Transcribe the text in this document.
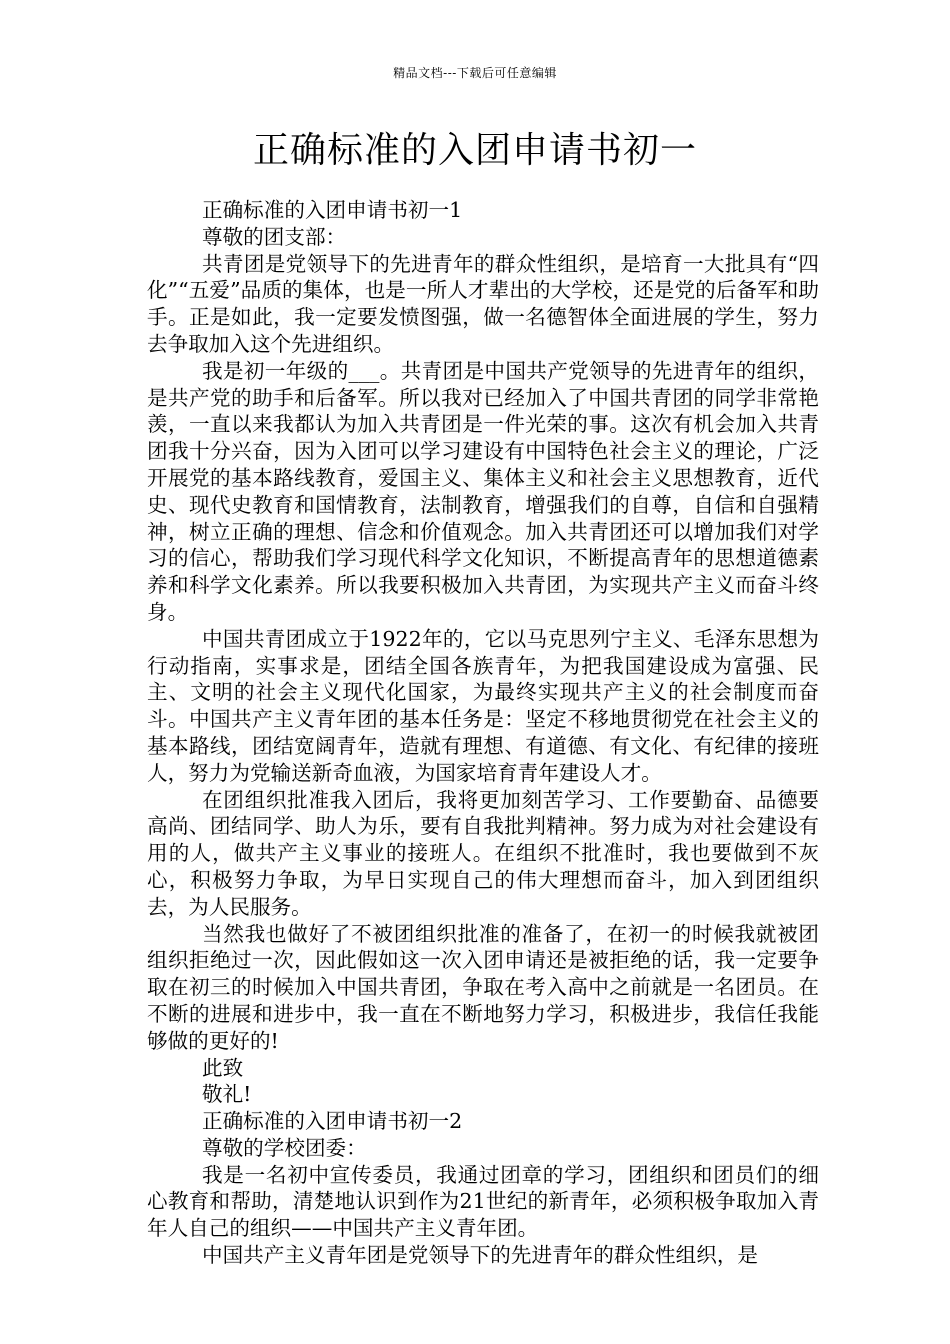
精品文档---下载后可任意编辑
正确标准的入团申请书初一

正确标准的入团申请书初一1

尊敬的团支部：

共青团是党领导下的先进青年的群众性组织，是培育一大批具有“四化”“五爱”品质的集体，也是一所人才辈出的大学校，还是党的后备军和助手。正是如此，我一定要发愤图强，做一名德智体全面进展的学生，努力去争取加入这个先进组织。

我是初一年级的___。共青团是中国共产党领导的先进青年的组织，是共产党的助手和后备军。所以我对已经加入了中国共青团的同学非常艳羡，一直以来我都认为加入共青团是一件光荣的事。这次有机会加入共青团我十分兴奋，因为入团可以学习建设有中国特色社会主义的理论，广泛开展党的基本路线教育，爱国主义、集体主义和社会主义思想教育，近代史、现代史教育和国情教育，法制教育，增强我们的自尊，自信和自强精神，树立正确的理想、信念和价值观念。加入共青团还可以增加我们对学习的信心，帮助我们学习现代科学文化知识，不断提高青年的思想道德素养和科学文化素养。所以我要积极加入共青团，为实现共产主义而奋斗终身。

中国共青团成立于1922年的，它以马克思列宁主义、毛泽东思想为行动指南，实事求是，团结全国各族青年，为把我国建设成为富强、民主、文明的社会主义现代化国家，为最终实现共产主义的社会制度而奋斗。中国共产主义青年团的基本任务是：坚定不移地贯彻党在社会主义的基本路线，团结宽阔青年，造就有理想、有道德、有文化、有纪律的接班人，努力为党输送新奇血液，为国家培育青年建设人才。

在团组织批准我入团后，我将更加刻苦学习、工作要勤奋、品德要高尚、团结同学、助人为乐，要有自我批判精神。努力成为对社会建设有用的人，做共产主义事业的接班人。在组织不批准时，我也要做到不灰心，积极努力争取，为早日实现自己的伟大理想而奋斗，加入到团组织去，为人民服务。

当然我也做好了不被团组织批准的准备了，在初一的时候我就被团组织拒绝过一次，因此假如这一次入团申请还是被拒绝的话，我一定要争取在初三的时候加入中国共青团，争取在考入高中之前就是一名团员。在不断的进展和进步中，我一直在不断地努力学习，积极进步，我信任我能够做的更好的!

此致

敬礼!

正确标准的入团申请书初一2

尊敬的学校团委：

我是一名初中宣传委员，我通过团章的学习，团组织和团员们的细心教育和帮助，清楚地认识到作为21世纪的新青年，必须积极争取加入青年人自己的组织——中国共产主义青年团。

中国共产主义青年团是党领导下的先进青年的群众性组织，是
